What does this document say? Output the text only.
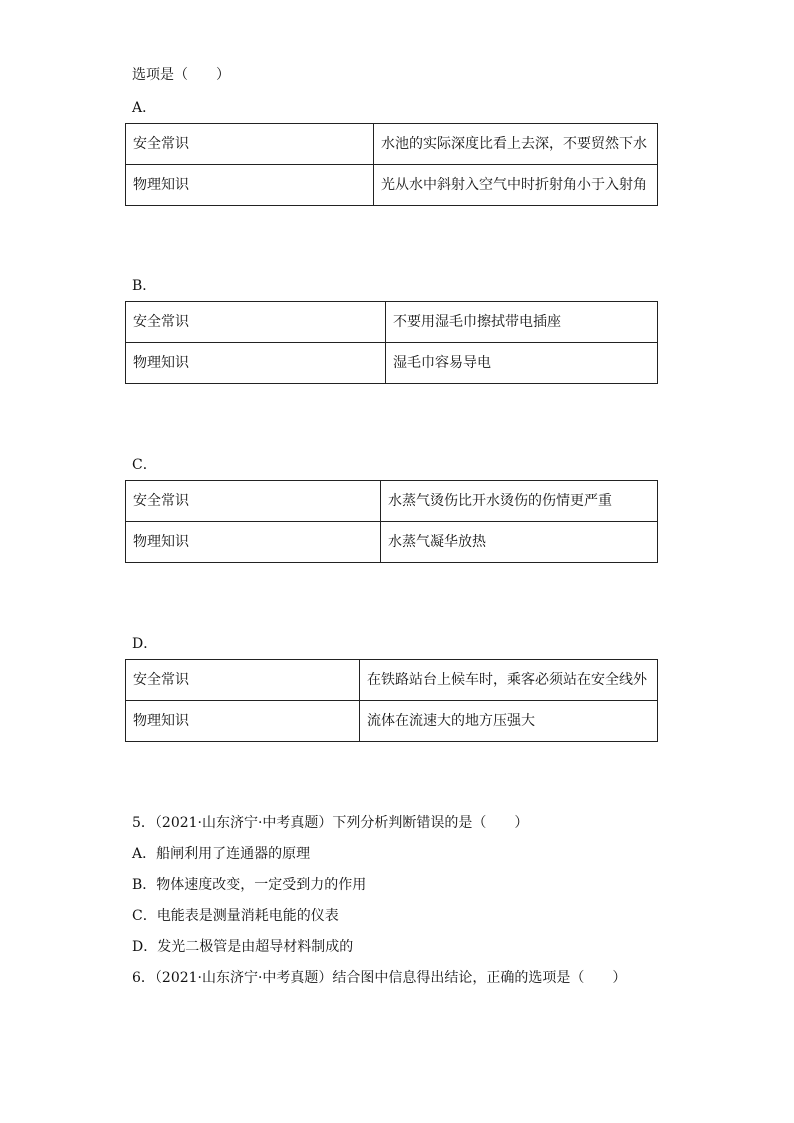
选项是（　　）
A．
安全常识	水池的实际深度比看上去深，不要贸然下水
物理知识	光从水中斜射入空气中时折射角小于入射角
B．
安全常识	不要用湿毛巾擦拭带电插座
物理知识	湿毛巾容易导电
C．
安全常识	水蒸气烫伤比开水烫伤的伤情更严重
物理知识	水蒸气凝华放热
D．
安全常识	在铁路站台上候车时，乘客必须站在安全线外
物理知识	流体在流速大的地方压强大
5．（2021·山东济宁·中考真题）下列分析判断错误的是（　　）
A．船闸利用了连通器的原理
B．物体速度改变，一定受到力的作用
C．电能表是测量消耗电能的仪表
D．发光二极管是由超导材料制成的
6．（2021·山东济宁·中考真题）结合图中信息得出结论，正确的选项是（　　）
